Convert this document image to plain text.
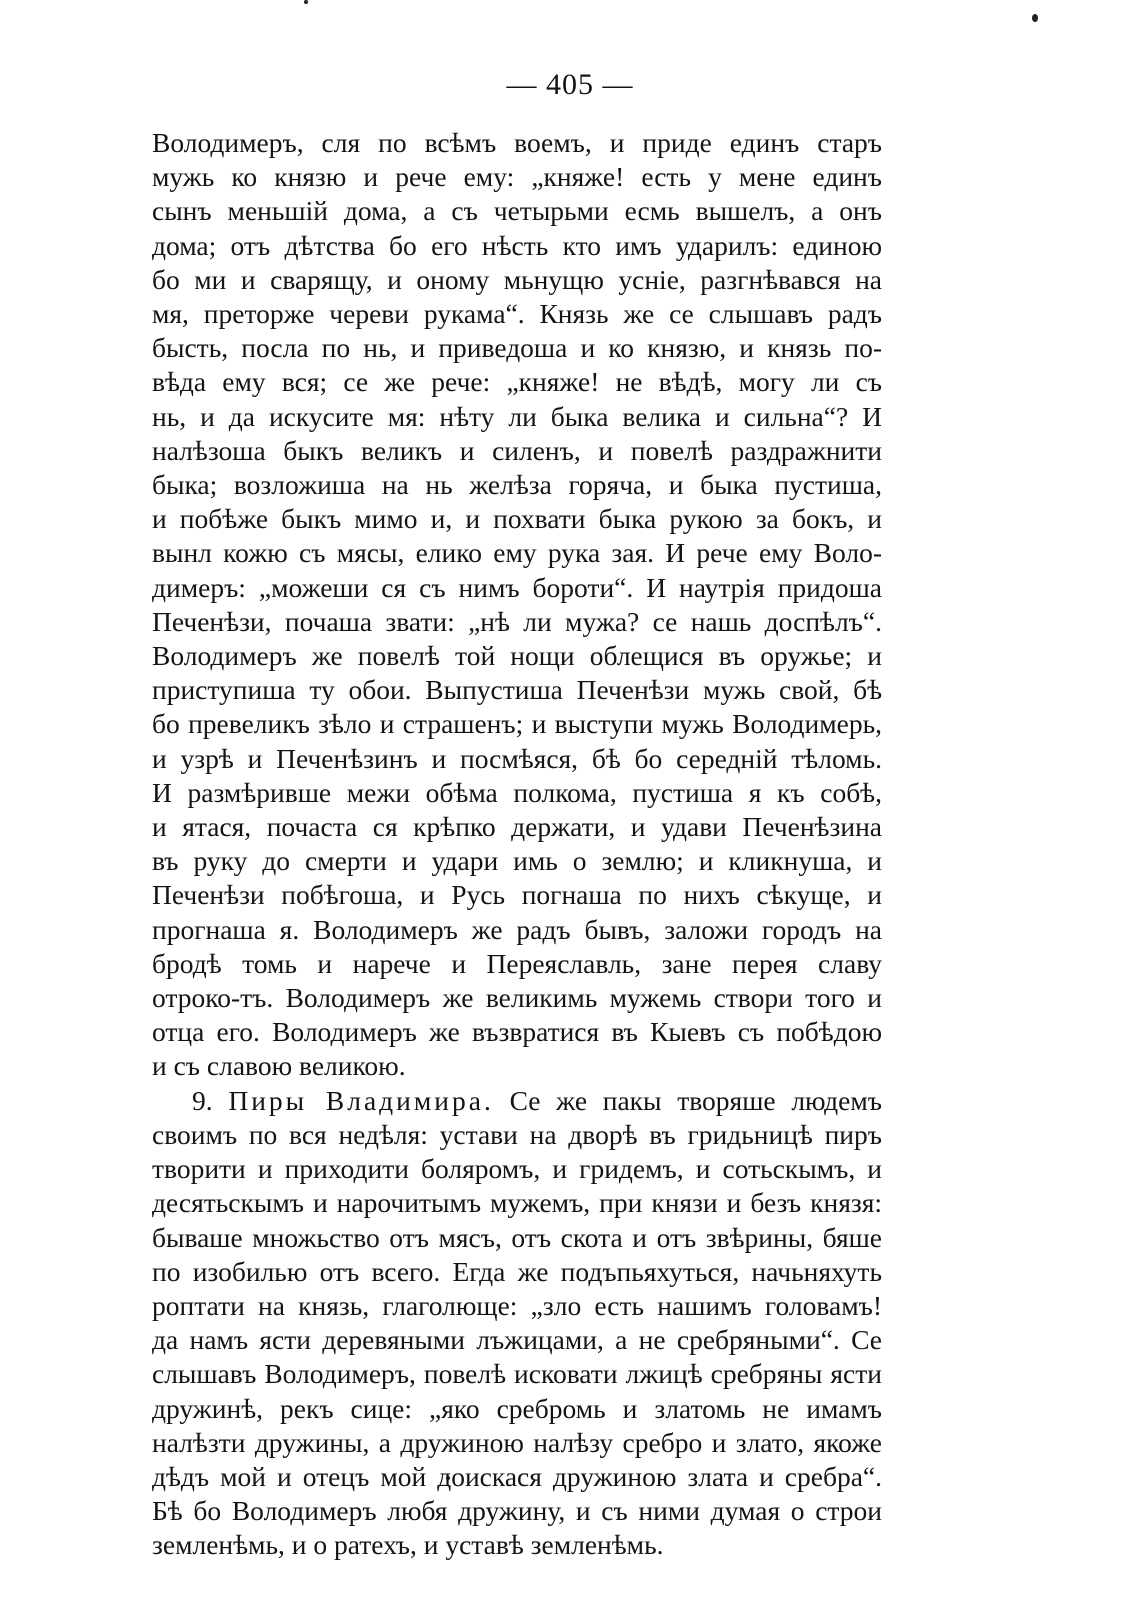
— 405 —
Володимеръ, сля по всѣмъ воемъ, и приде единъ старъ
мужь ко князю и рече ему: „княже! есть у мене единъ
сынъ меньшій дома, а съ четырьми есмь вышелъ, а онъ
дома; отъ дѣтства бо его нѣсть кто имъ ударилъ: единою
бо ми и сварящу, и оному мьнущю усніе, разгнѣвався на
мя, преторже череви рукама“. Князь же се слышавъ радъ
бысть, посла по нь, и приведоша и ко князю, и князь по-
вѣда ему вся; се же рече: „княже! не вѣдѣ, могу ли съ
нь, и да искусите мя: нѣту ли быка велика и сильна“? И
налѣзоша быкъ великъ и силенъ, и повелѣ раздражнити
быка; возложиша на нь желѣза горяча, и быка пустиша,
и побѣже быкъ мимо и, и похвати быка рукою за бокъ, и
вынл кожю съ мясы, елико ему рука зая. И рече ему Воло-
димеръ: „можеши ся съ нимъ бороти“. И наутрія придоша
Печенѣзи, почаша звати: „нѣ ли мужа? се нашь доспѣлъ“.
Володимеръ же повелѣ той нощи облещися въ оружье; и
приступиша ту обои. Выпустиша Печенѣзи мужь свой, бѣ
бо превеликъ зѣло и страшенъ; и выступи мужь Володимерь,
и узрѣ и Печенѣзинъ и посмѣяся, бѣ бо середній тѣломь.
И размѣривше межи обѣма полкома, пустиша я къ собѣ,
и ятася, почаста ся крѣпко держати, и удави Печенѣзина
въ руку до смерти и удари имь о землю; и кликнуша, и
Печенѣзи побѣгоша, и Русь погнаша по нихъ сѣкуще, и
прогнаша я. Володимеръ же радъ бывъ, заложи городъ на
бродѣ томь и нарече и Переяславль, зане перея славу
отроко-тъ. Володимеръ же великимь мужемь створи того и
отца его. Володимеръ же възвратися въ Кыевъ съ побѣдою
и съ славою великою.
9. Пиры Владимира. Се же пакы творяше людемъ
своимъ по вся недѣля: устави на дворѣ въ гридьницѣ пиръ
творити и приходити боляромъ, и гридемъ, и сотьскымъ, и
десятьскымъ и нарочитымъ мужемъ, при князи и безъ князя:
бываше множьство отъ мясъ, отъ скота и отъ звѣрины, бяше
по изобилью отъ всего. Егда же подъпьяхуться, начьняхуть
роптати на князь, глаголюще: „зло есть нашимъ головамъ!
да намъ ясти деревяными лъжицами, а не сребряными“. Се
слышавъ Володимеръ, повелѣ исковати лжицѣ сребряны ясти
дружинѣ, рекъ сице: „яко сребромь и златомь не имамъ
налѣзти дружины, а дружиною налѣзу сребро и злато, якоже
дѣдъ мой и отецъ мой доискася дружиною злата и сребра“.
Бѣ бо Володимеръ любя дружину, и съ ними думая о строи
земленѣмь, и о ратехъ, и уставѣ земленѣмь.
